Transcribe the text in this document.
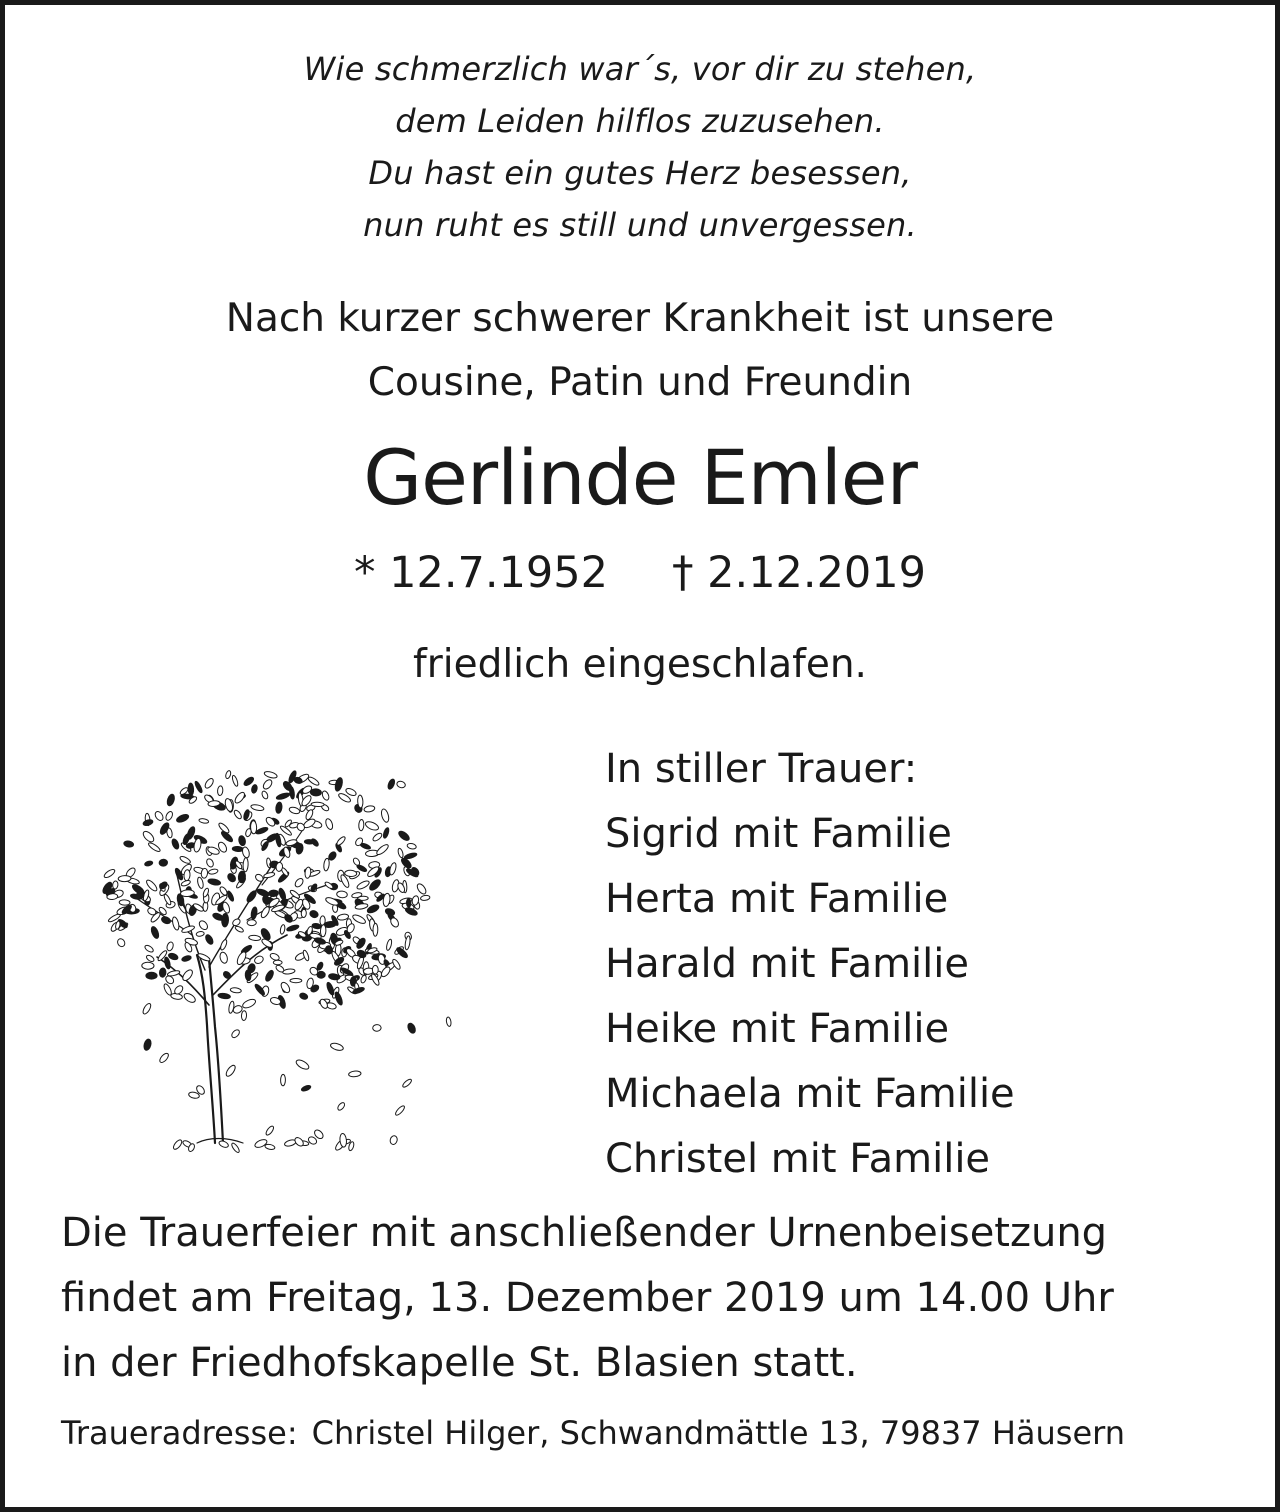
Wie schmerzlich war´s, vor dir zu stehen,
dem Leiden hilflos zuzusehen.
Du hast ein gutes Herz besessen,
nun ruht es still und unvergessen.
Nach kurzer schwerer Krankheit ist unsere
Cousine, Patin und Freundin
Gerlinde Emler
* 12.7.1952 † 2.12.2019
friedlich eingeschlafen.
In stiller Trauer:
Sigrid mit Familie
Herta mit Familie
Harald mit Familie
Heike mit Familie
Michaela mit Familie
Christel mit Familie
Die Trauerfeier mit anschließender Urnenbeisetzung
findet am Freitag, 13. Dezember 2019 um 14.00 Uhr
in der Friedhofskapelle St. Blasien statt.
Traueradresse: Christel Hilger, Schwandmättle 13, 79837 Häusern
